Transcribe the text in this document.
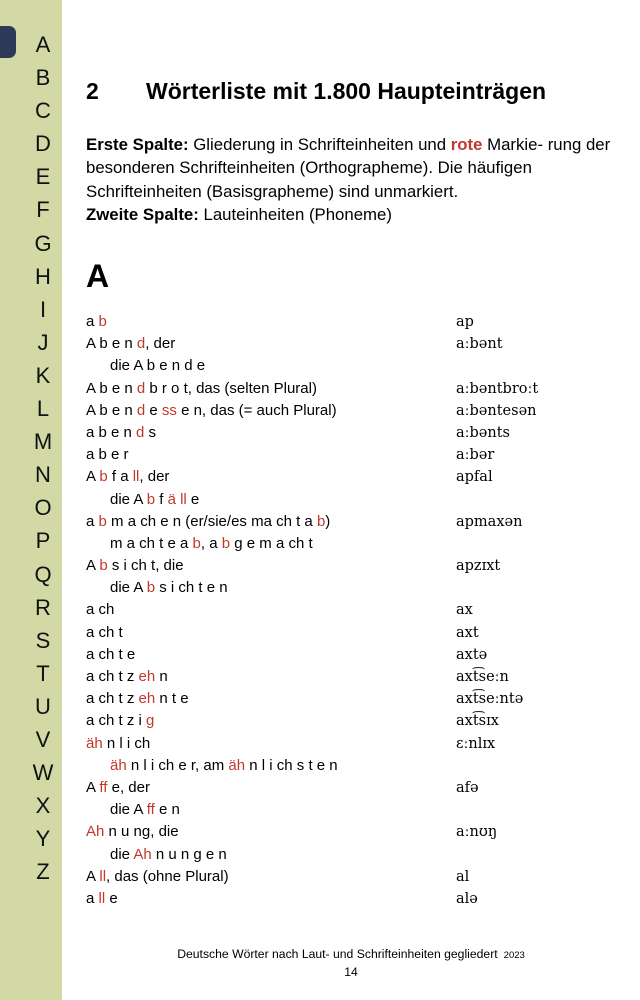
A
B
C
D
E
F
G
H
I
J
K
L
M
N
O
P
Q
R
S
T
U
V
W
X
Y
Z
2 Wörterliste mit 1.800 Haupteinträgen
Erste Spalte: Gliederung in Schrifteinheiten und rote Markie- rung der besonderen Schrifteinheiten (Orthographeme). Die häufigen Schrifteinheiten (Basisgrapheme) sind unmarkiert.
Zweite Spalte: Lauteinheiten (Phoneme)
A
a b	ap
A b e n d, der	aːbənt
die A b e n d e
A b e n d b r o t, das (selten Plural)	aːbəntbroːt
A b e n d e ss e n, das (= auch Plural)	aːbəntesən
a b e n d s	aːbənts
a b e r	aːbər
A b f a ll, der	apfal
die A b f ä ll e
a b m a ch e n (er/sie/es ma ch t a b)	apmaxən
m a ch t e a b, a b g e m a ch t
A b s i ch t, die	apzɪxt
die A b s i ch t e n
a ch	ax
a ch t	axt
a ch t e	axtə
a ch t z eh n	axt͡seːn
a ch t z eh n t e	axt͡seːntə
a ch t z i g	axt͡sɪx
äh n l i ch	ɛːnlɪx
äh n l i ch e r, am äh n l i ch s t e n
A ff e, der	afə
die A ff e n
Ah n u ng, die	aːnʊŋ
die Ah n u n g e n
A ll, das (ohne Plural)	al
a ll e	alə
Deutsche Wörter nach Laut- und Schrifteinheiten gegliedert 2023
14
